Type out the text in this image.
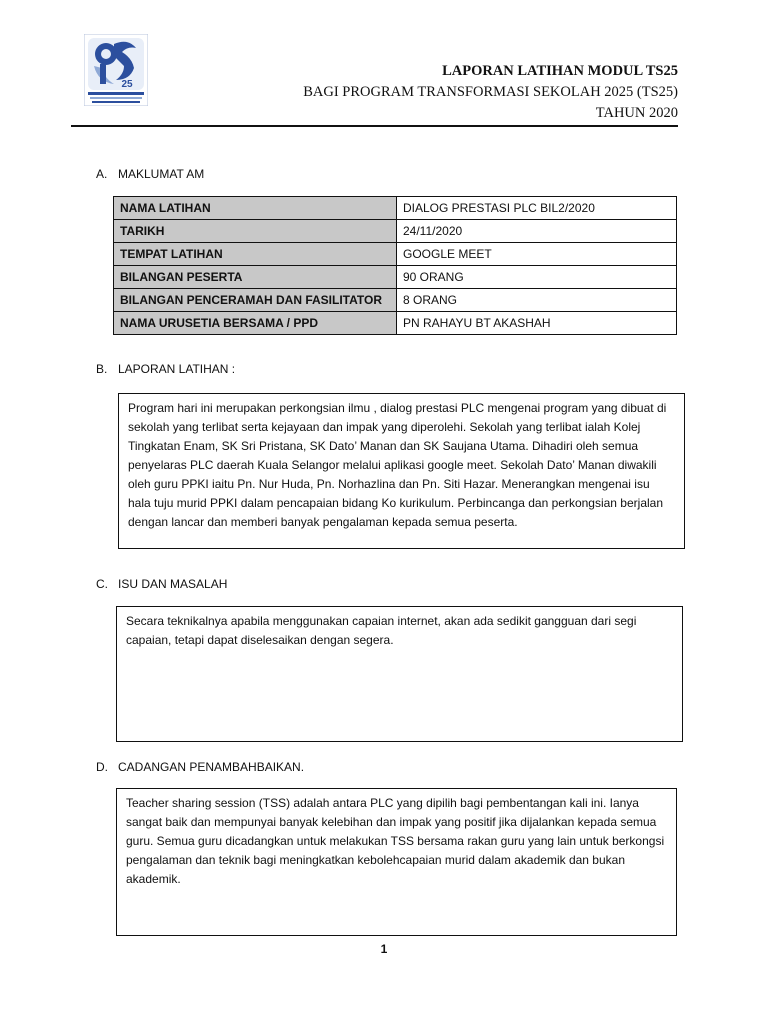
25
LAPORAN LATIHAN MODUL TS25
BAGI PROGRAM TRANSFORMASI SEKOLAH 2025 (TS25)
TAHUN 2020
A. MAKLUMAT AM
NAMA LATIHAN	DIALOG PRESTASI PLC BIL2/2020
TARIKH	24/11/2020
TEMPAT LATIHAN	GOOGLE MEET
BILANGAN PESERTA	90 ORANG
BILANGAN PENCERAMAH DAN FASILITATOR	8 ORANG
NAMA URUSETIA BERSAMA / PPD	PN RAHAYU BT AKASHAH
B. LAPORAN LATIHAN :

Program hari ini merupakan perkongsian ilmu , dialog prestasi PLC mengenai program yang dibuat di sekolah yang terlibat serta kejayaan dan impak yang diperolehi. Sekolah yang terlibat ialah Kolej Tingkatan Enam, SK Sri Pristana, SK Dato’ Manan dan SK Saujana Utama. Dihadiri oleh semua penyelaras PLC daerah Kuala Selangor melalui aplikasi google meet. Sekolah Dato’ Manan diwakili oleh guru PPKI iaitu Pn. Nur Huda, Pn. Norhazlina dan Pn. Siti Hazar. Menerangkan mengenai isu hala tuju murid PPKI dalam pencapaian bidang Ko kurikulum. Perbincanga dan perkongsian berjalan dengan lancar dan memberi banyak pengalaman kepada semua peserta.

C. ISU DAN MASALAH

Secara teknikalnya apabila menggunakan capaian internet, akan ada sedikit gangguan dari segi capaian, tetapi dapat diselesaikan dengan segera.

D. CADANGAN PENAMBAHBAIKAN.

Teacher sharing session (TSS) adalah antara PLC yang dipilih bagi pembentangan kali ini. Ianya sangat baik dan mempunyai banyak kelebihan dan impak yang positif jika dijalankan kepada semua guru. Semua guru dicadangkan untuk melakukan TSS bersama rakan guru yang lain untuk berkongsi pengalaman dan teknik bagi meningkatkan kebolehcapaian murid dalam akademik dan bukan akademik.

1
